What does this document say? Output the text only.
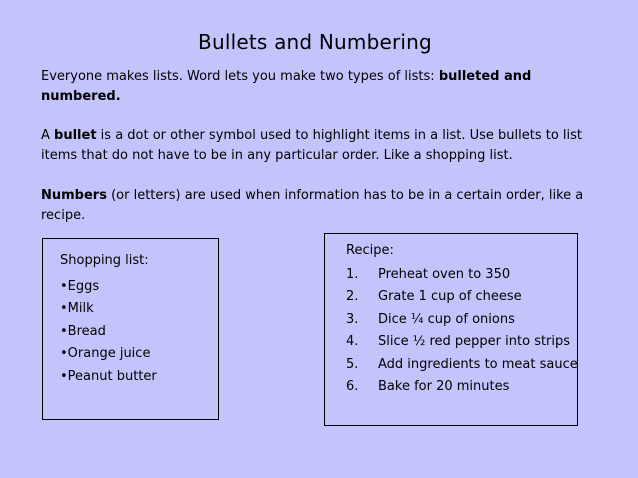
Bullets and Numbering
Everyone makes lists. Word lets you make two types of lists: bulleted and numbered.
A bullet is a dot or other symbol used to highlight items in a list. Use bullets to list items that do not have to be in any particular order. Like a shopping list.
Numbers (or letters) are used when information has to be in a certain order, like a recipe.
Shopping list:
•Eggs
•Milk
•Bread
•Orange juice
•Peanut butter
Recipe:
1. Preheat oven to 350
2. Grate 1 cup of cheese
3. Dice ¼ cup of onions
4. Slice ½ red pepper into strips
5. Add ingredients to meat sauce
6. Bake for 20 minutes
